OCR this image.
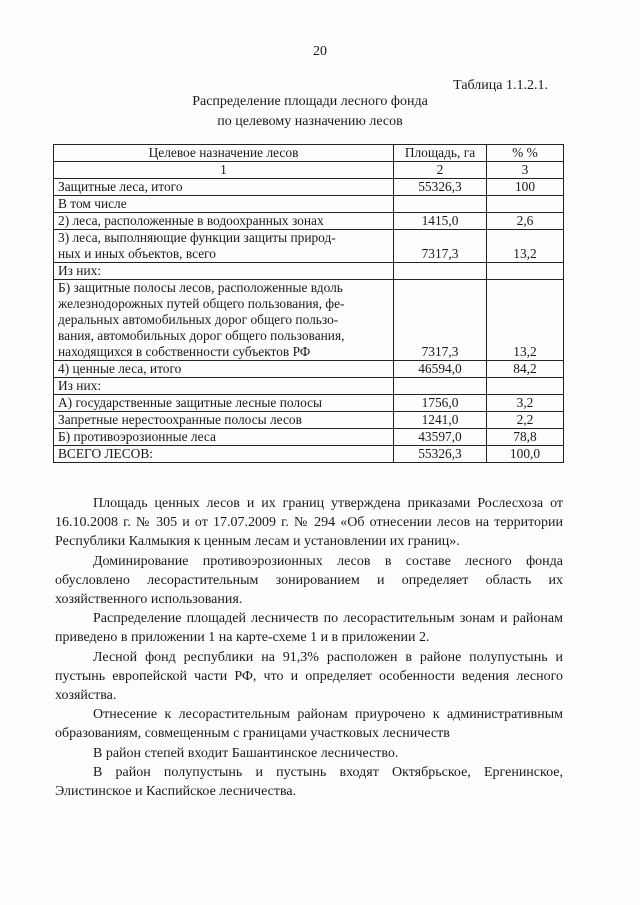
20
Таблица 1.1.2.1.
Распределение площади лесного фонда
по целевому назначению лесов
Целевое назначение лесов	Площадь, га	% %
1	2	3

Защитные леса, итого	55326,3	100

В том числе		

2) леса, расположенные в водоохранных зонах	1415,0	2,6

3) леса, выполняющие функции защиты природ-
ных и иных объектов, всего	7317,3	13,2

Из них:		

Б) защитные полосы лесов, расположенные вдоль
железнодорожных путей общего пользования, фе-
деральных автомобильных дорог общего пользо-
вания, автомобильных дорог общего пользования,
находящихся в собственности субъектов РФ	7317,3	13,2

4) ценные леса, итого	46594,0	84,2

Из них:		

А) государственные защитные лесные полосы	1756,0	3,2

Запретные нерестоохранные полосы лесов	1241,0	2,2

Б) противоэрозионные леса	43597,0	78,8

ВСЕГО ЛЕСОВ:	55326,3	100,0

Площадь ценных лесов и их границ утверждена приказами Рослесхоза от 16.10.2008 г. № 305 и от 17.07.2009 г. № 294 «Об отнесении лесов на территории Республики Калмыкия к ценным лесам и установлении их границ».

Доминирование противоэрозионных лесов в составе лесного фонда обусловлено лесорастительным зонированием и определяет область их хозяйственного использования.

Распределение площадей лесничеств по лесорастительным зонам и районам приведено в приложении 1 на карте-схеме 1 и в приложении 2.

Лесной фонд республики на 91,3% расположен в районе полупустынь и пустынь европейской части РФ, что и определяет особенности ведения лесного хозяйства.

Отнесение к лесорастительным районам приурочено к административным образованиям, совмещенным с границами участковых лесничеств

В район степей входит Башантинское лесничество.

В район полупустынь и пустынь входят Октябрьское, Ергенинское, Элистинское и Каспийское лесничества.
